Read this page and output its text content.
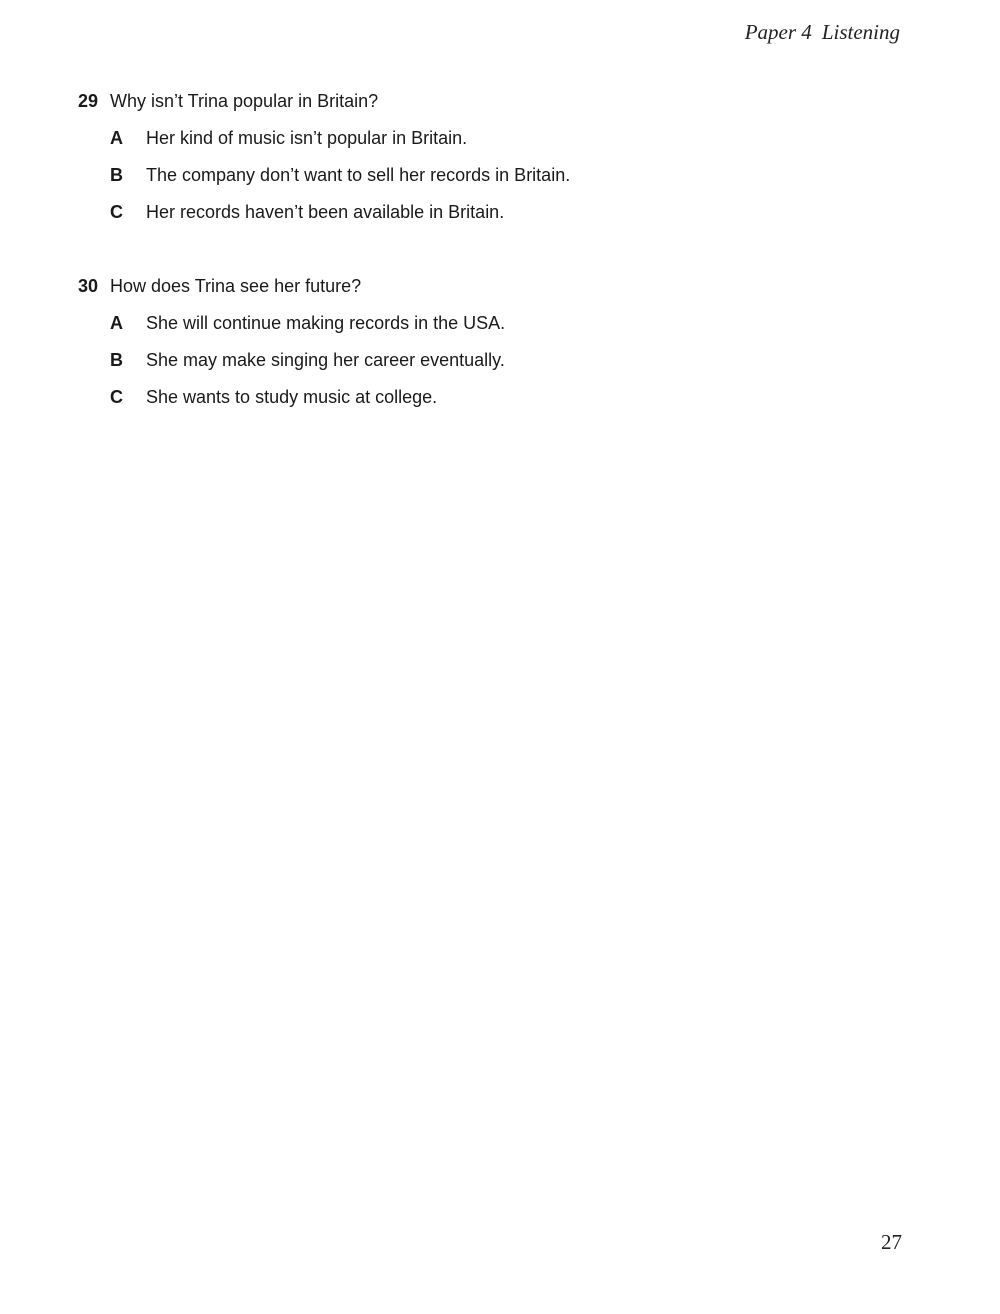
Paper 4 Listening
29 Why isn’t Trina popular in Britain?
A Her kind of music isn’t popular in Britain.
B The company don’t want to sell her records in Britain.
C Her records haven’t been available in Britain.
30 How does Trina see her future?
A She will continue making records in the USA.
B She may make singing her career eventually.
C She wants to study music at college.
27
